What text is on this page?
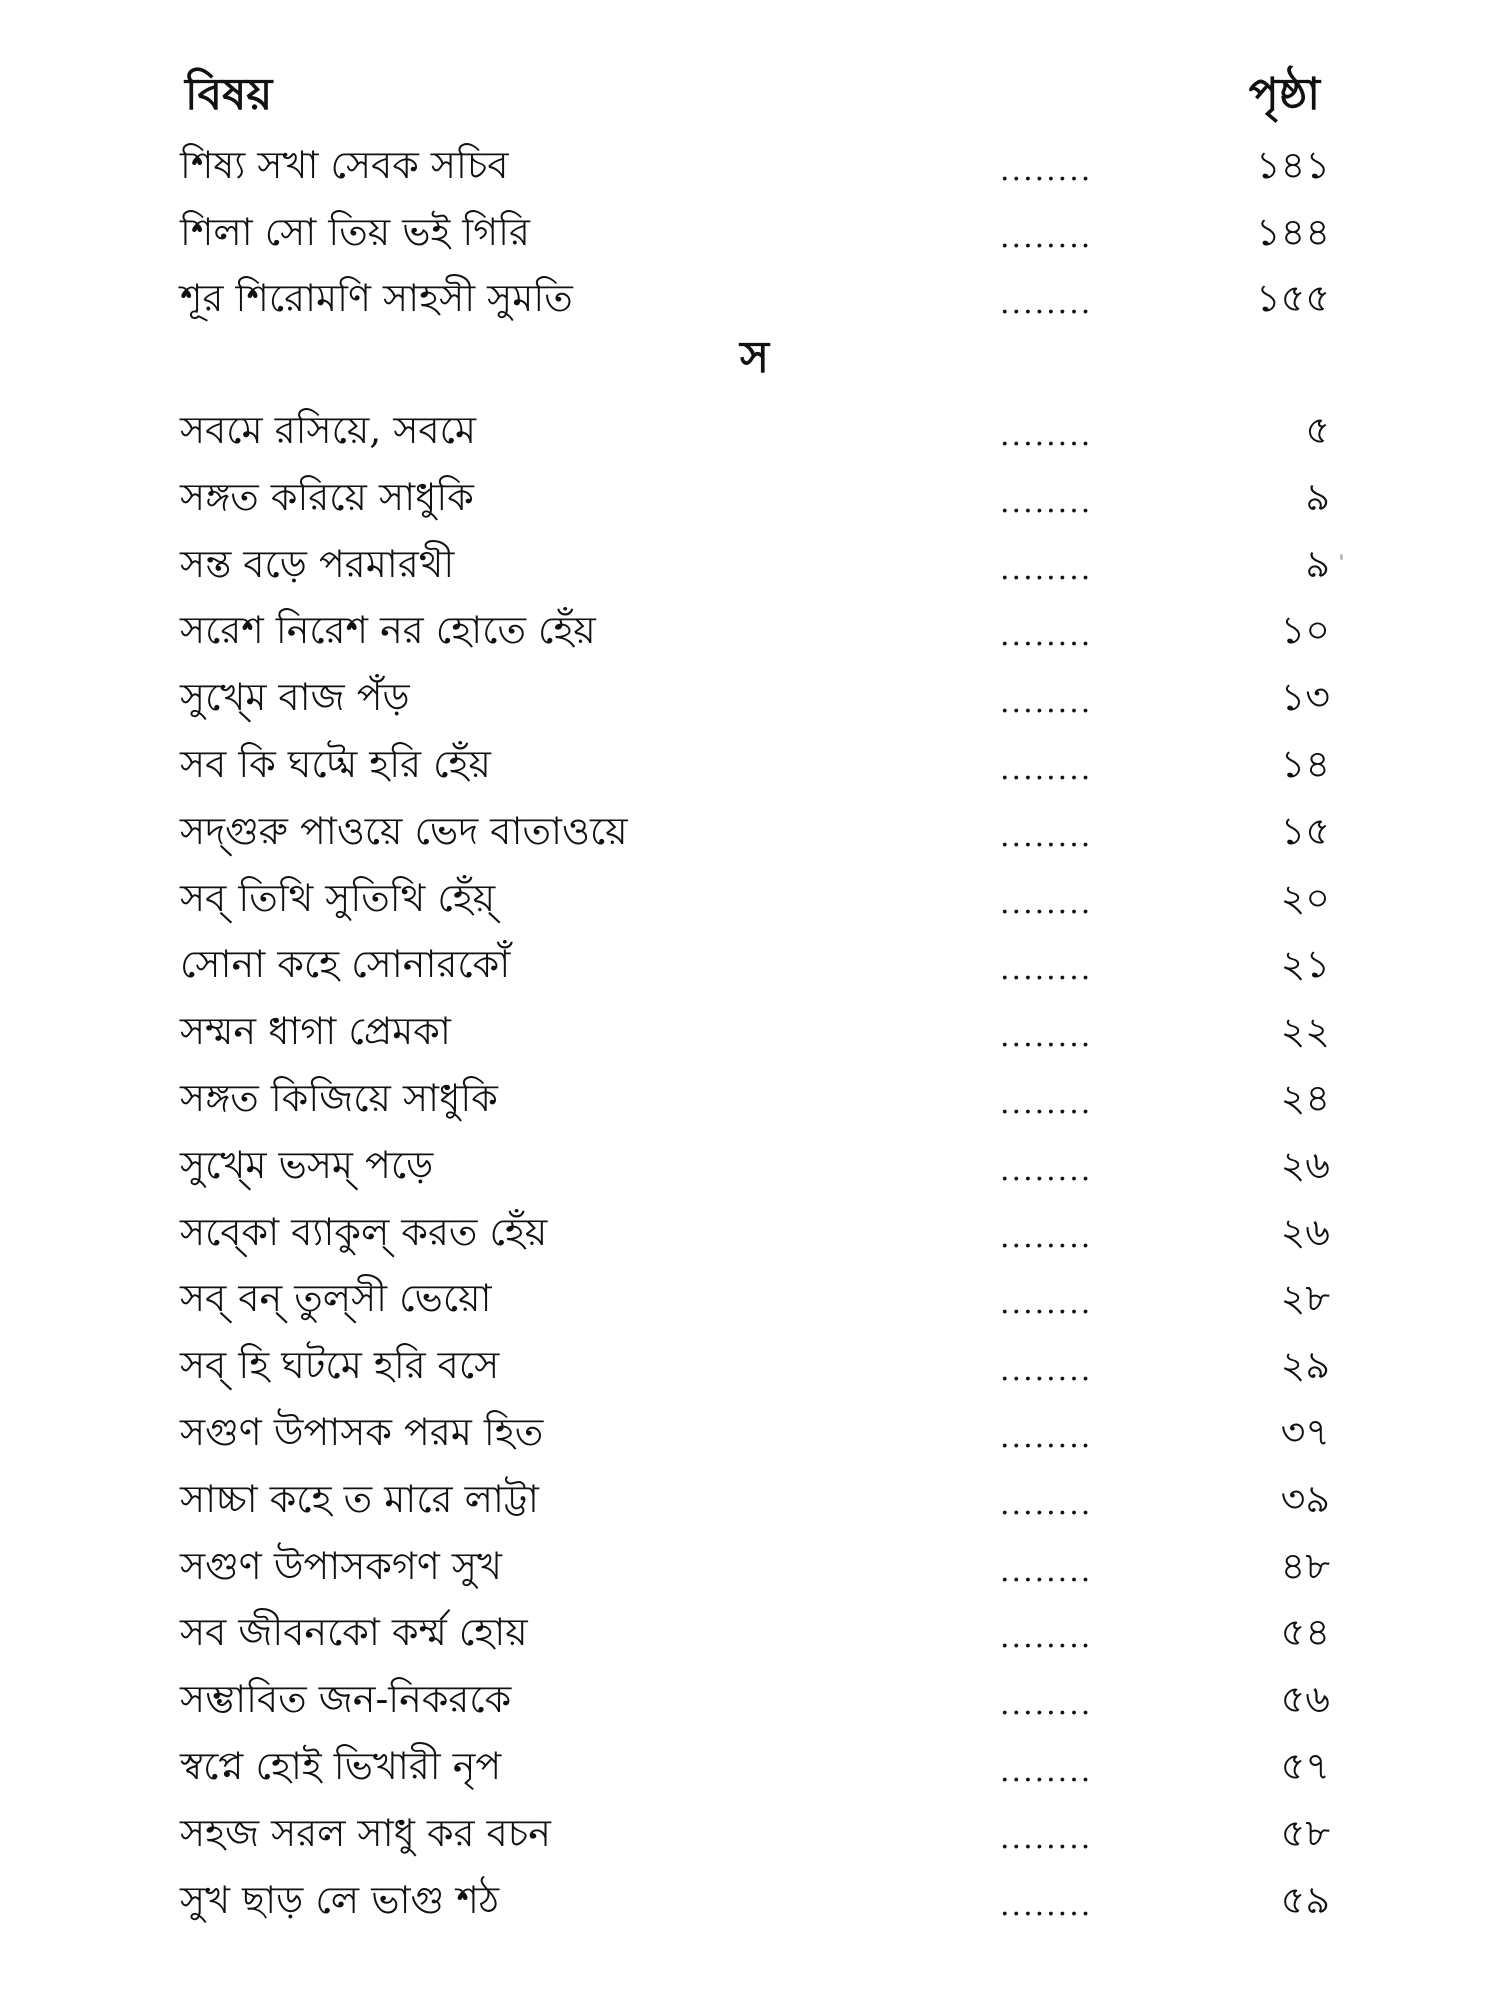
বিষয়	পৃষ্ঠা
শিষ্য সখা সেবক সচিব	........	১৪১
শিলা সো তিয় ভই গিরি	........	১৪৪
শূর শিরোমণি সাহসী সুমতি	........	১৫৫
সবমে রসিয়ে, সবমে	........	৫
সঙ্গত করিয়ে সাধুকি	........	৯
সন্ত বড়ে পরমারথী	........	৯
সরেশ নিরেশ নর হোতে হেঁয়	........	১০
সুখ্মে বাজ পঁড়	........	১৩
সব কি ঘট্মে হরি হেঁয়	........	১৪
সদ্গুরু পাওয়ে ভেদ বাতাওয়ে	........	১৫
সব্ তিথি সুতিথি হেঁয়্	........	২০
সোনা কহে সোনারকোঁ	........	২১
সম্মন ধাগা প্রেমকা	........	২২
সঙ্গত কিজিয়ে সাধুকি	........	২৪
সুখ্মে ভসম্ পড়ে	........	২৬
সব্কো ব্যাকুল্ করত হেঁয়	........	২৬
সব্ বন্ তুল্সী ভেয়ো	........	২৮
সব্ হি ঘটমে হরি বসে	........	২৯
সগুণ উপাসক পরম হিত	........	৩৭
সাচ্চা কহে ত মারে লাট্টা	........	৩৯
সগুণ উপাসকগণ সুখ	........	৪৮
সব জীবনকো কর্ম্ম হোয়	........	৫৪
সম্ভাবিত জন-নিকরকে	........	৫৬
স্বপ্নে হোই ভিখারী নৃপ	........	৫৭
সহজ সরল সাধু কর বচন	........	৫৮
সুখ ছাড় লে ভাগু শঠ	........	৫৯
স
